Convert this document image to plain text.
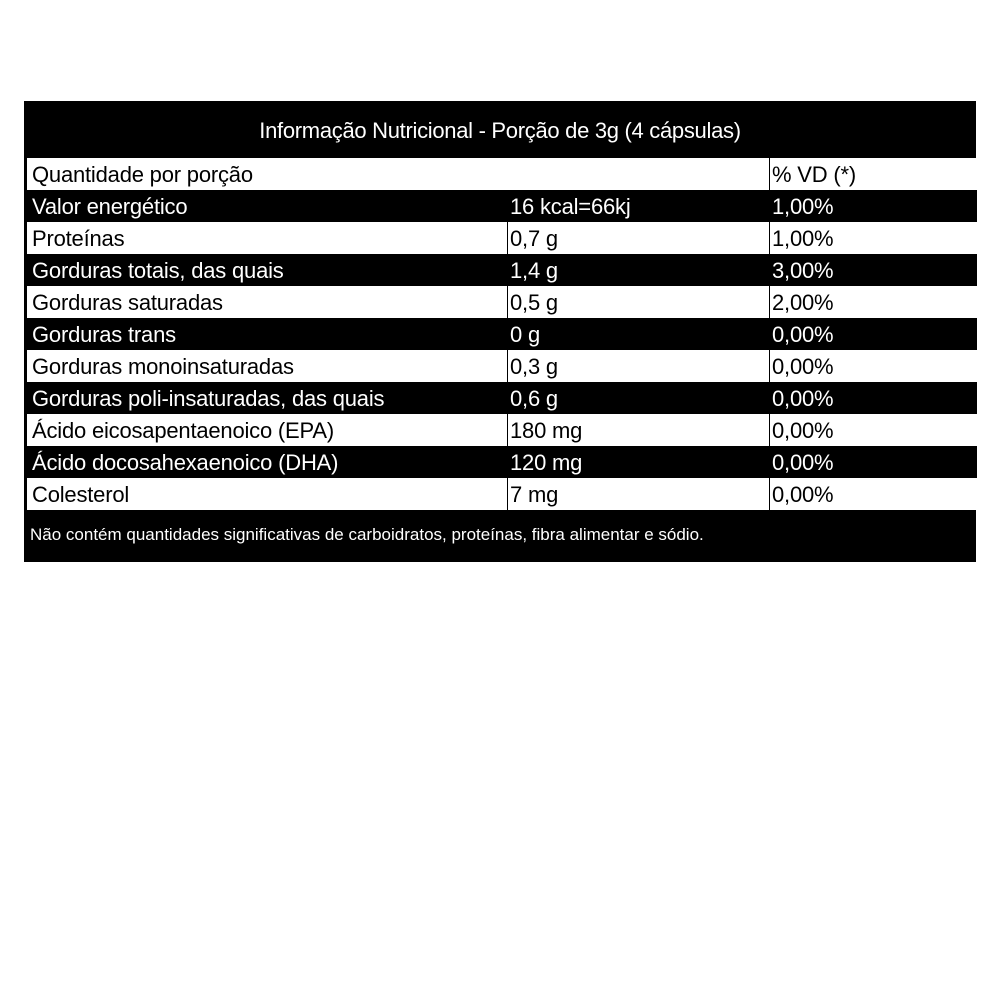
Informação Nutricional - Porção de 3g (4 cápsulas)
Quantidade por porção	% VD (*)
Valor energético	16 kcal=66kj	1,00%
Proteínas	0,7 g	1,00%
Gorduras totais, das quais	1,4 g	3,00%
Gorduras saturadas	0,5 g	2,00%
Gorduras trans	0 g	0,00%
Gorduras monoinsaturadas	0,3 g	0,00%
Gorduras poli-insaturadas, das quais	0,6 g	0,00%
Ácido eicosapentaenoico (EPA)	180 mg	0,00%
Ácido docosahexaenoico (DHA)	120 mg	0,00%
Colesterol	7 mg	0,00%
Não contém quantidades significativas de carboidratos, proteínas, fibra alimentar e sódio.
